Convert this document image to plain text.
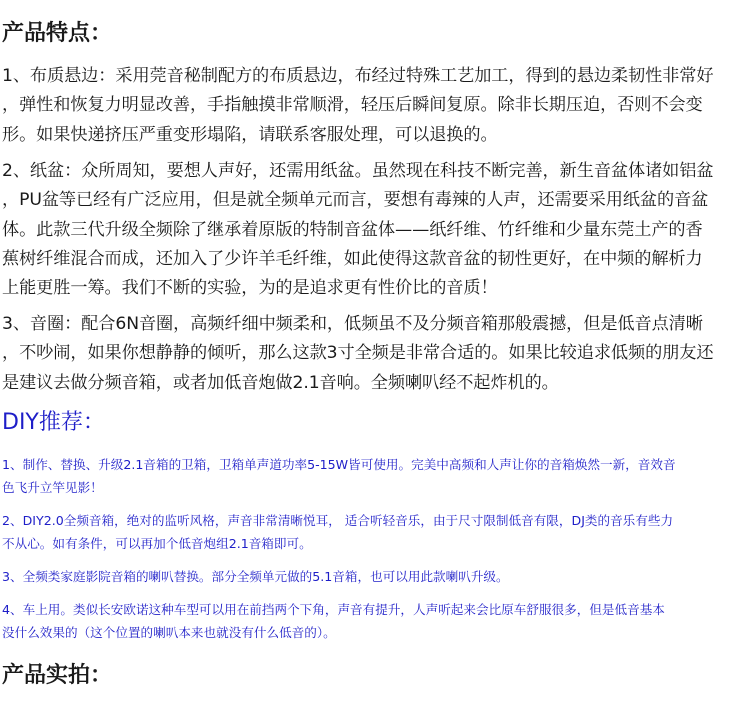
产品特点：
1、布质悬边：采用莞音秘制配方的布质悬边，布经过特殊工艺加工，得到的悬边柔韧性非常好
，弹性和恢复力明显改善，手指触摸非常顺滑，轻压后瞬间复原。除非长期压迫，否则不会变
形。如果快递挤压严重变形塌陷，请联系客服处理，可以退换的。
2、纸盆：众所周知，要想人声好，还需用纸盆。虽然现在科技不断完善，新生音盆体诸如铝盆
，PU盆等已经有广泛应用，但是就全频单元而言，要想有毒辣的人声，还需要采用纸盆的音盆
体。此款三代升级全频除了继承着原版的特制音盆体——纸纤维、竹纤维和少量东莞土产的香
蕉树纤维混合而成，还加入了少许羊毛纤维，如此使得这款音盆的韧性更好，在中频的解析力
上能更胜一筹。我们不断的实验，为的是追求更有性价比的音质！
3、音圈：配合6N音圈，高频纤细中频柔和，低频虽不及分频音箱那般震撼，但是低音点清晰
，不吵闹，如果你想静静的倾听，那么这款3寸全频是非常合适的。如果比较追求低频的朋友还
是建议去做分频音箱，或者加低音炮做2.1音响。全频喇叭经不起炸机的。
DIY推荐：
1、制作、替换、升级2.1音箱的卫箱，卫箱单声道功率5-15W皆可使用。完美中高频和人声让你的音箱焕然一新，音效音
色飞升立竿见影！
2、DIY2.0全频音箱，绝对的监听风格，声音非常清晰悦耳， 适合听轻音乐，由于尺寸限制低音有限，DJ类的音乐有些力
不从心。如有条件，可以再加个低音炮组2.1音箱即可。
3、全频类家庭影院音箱的喇叭替换。部分全频单元做的5.1音箱，也可以用此款喇叭升级。
4、车上用。类似长安欧诺这种车型可以用在前挡两个下角，声音有提升，人声听起来会比原车舒服很多，但是低音基本
没什么效果的（这个位置的喇叭本来也就没有什么低音的）。
产品实拍：
